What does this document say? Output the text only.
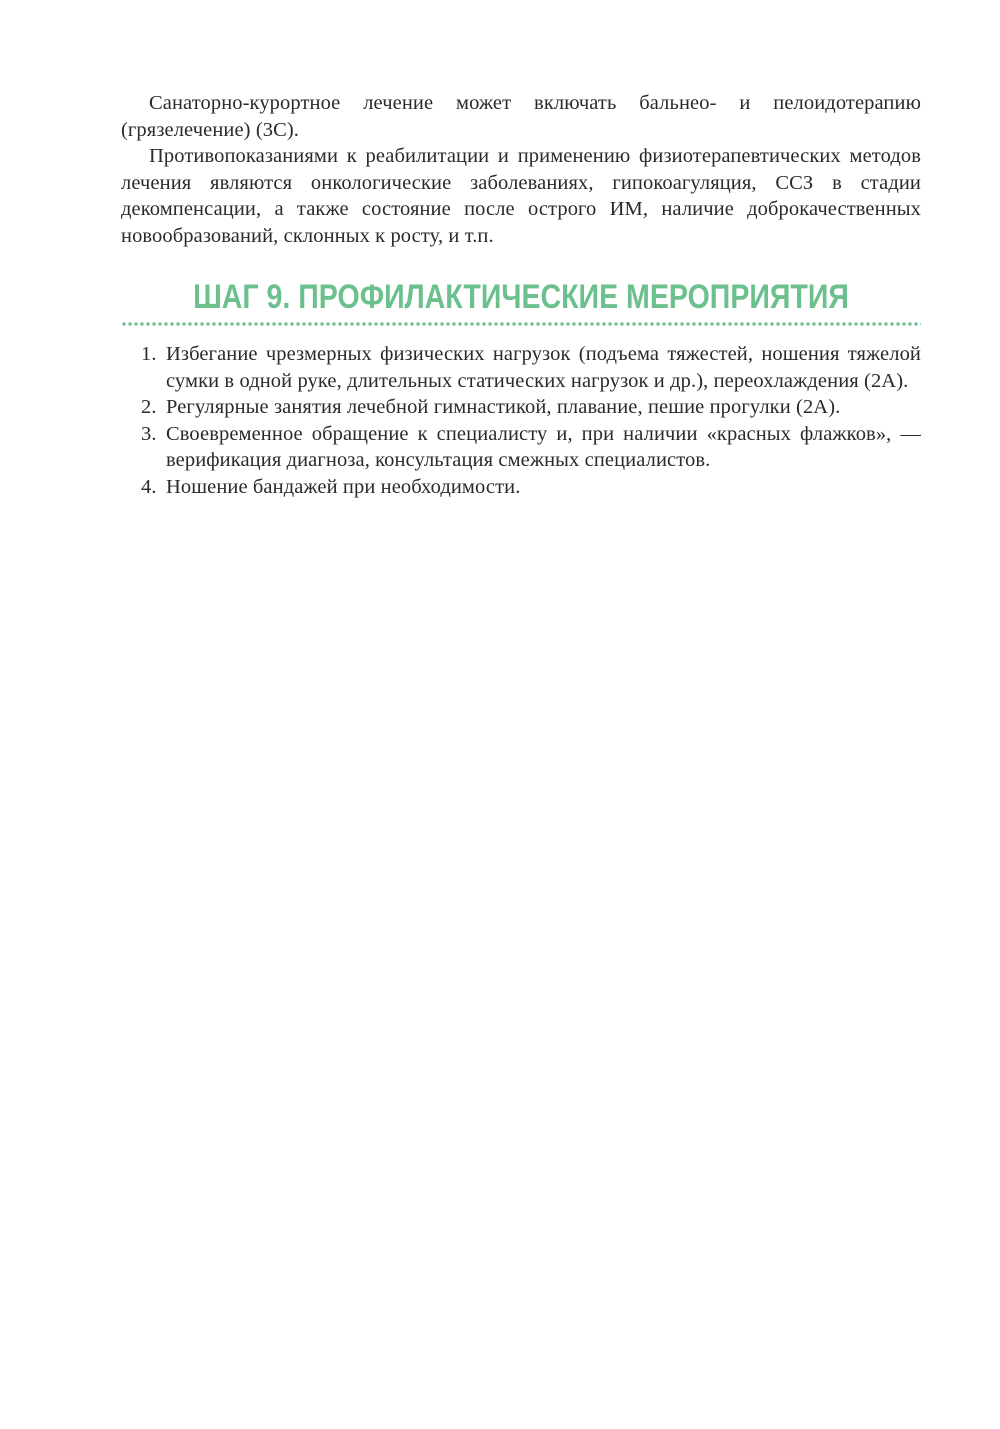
Санаторно-курортное лечение может включать бальнео- и пелоидотерапию (грязелечение) (3С).

Противопоказаниями к реабилитации и применению физиотерапевтических методов лечения являются онкологические заболеваниях, гипокоагуляция, ССЗ в стадии декомпенсации, а также состояние после острого ИМ, наличие доброкачественных новообразований, склонных к росту, и т.п.

ШАГ 9. ПРОФИЛАКТИЧЕСКИЕ МЕРОПРИЯТИЯ
1. Избегание чрезмерных физических нагрузок (подъема тяжестей, ношения тяжелой сумки в одной руке, длительных статических нагрузок и др.), переохлаждения (2А).
2. Регулярные занятия лечебной гимнастикой, плавание, пешие прогулки (2А).
3. Своевременное обращение к специалисту и, при наличии «красных флажков», — верификация диагноза, консультация смежных специалистов.
4. Ношение бандажей при необходимости.
